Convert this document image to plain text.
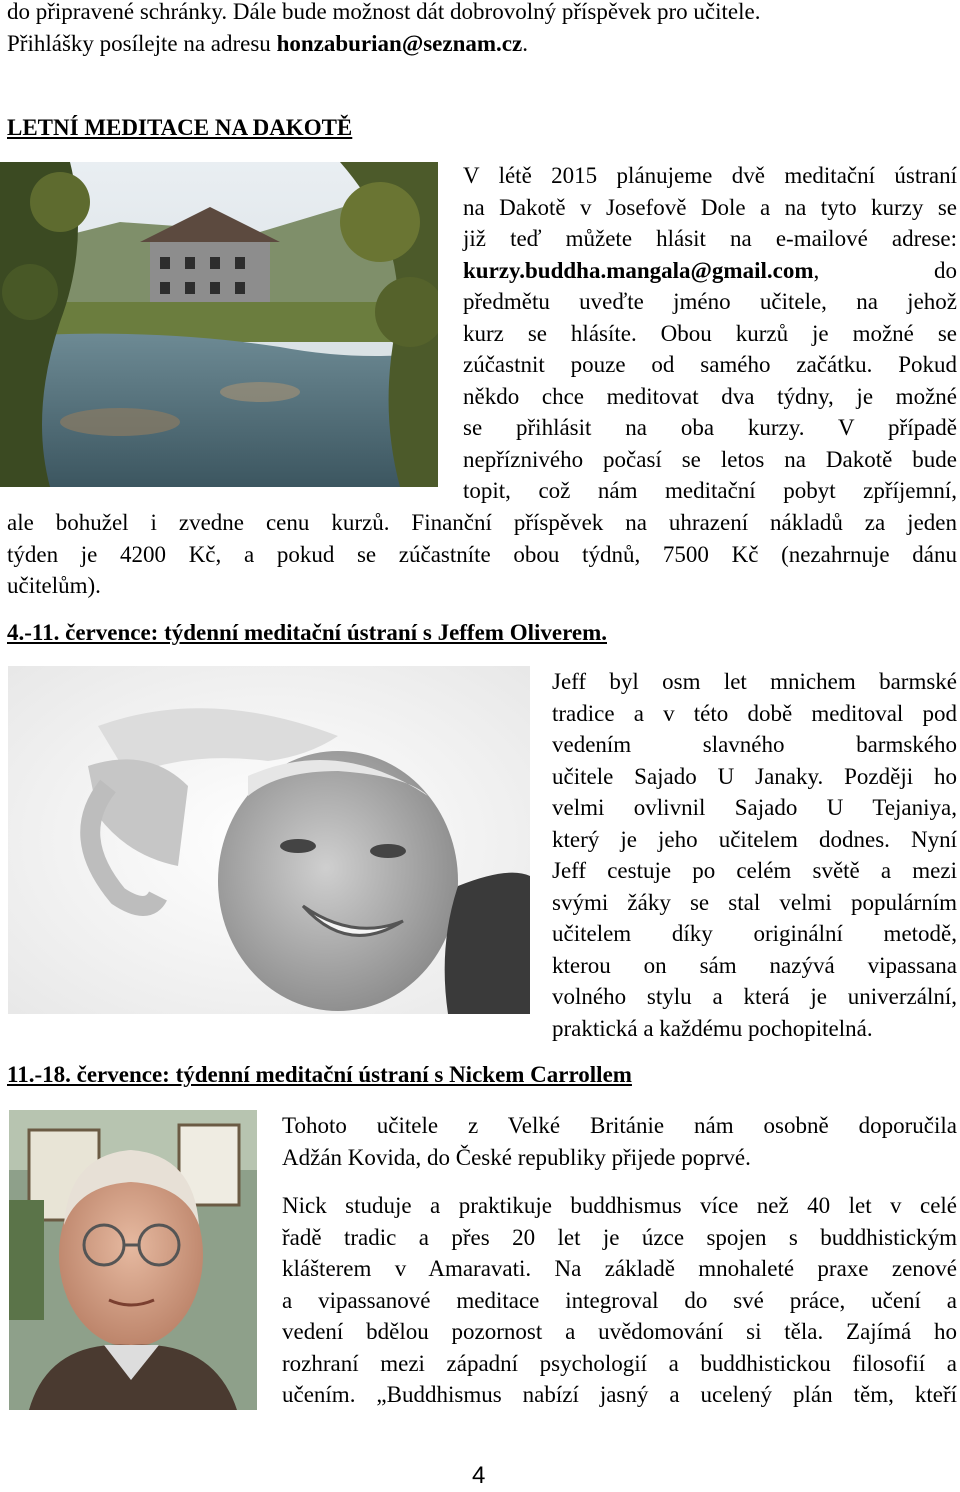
do připravené schránky. Dále bude možnost dát dobrovolný příspěvek pro učitele.
Přihlášky posílejte na adresu honzaburian@seznam.cz.
LETNÍ MEDITACE NA DAKOTĚ
V létě 2015 plánujeme dvě meditační ústraní
na Dakotě v Josefově Dole a na tyto kurzy se
již teď můžete hlásit na e-mailové adrese:
kurzy.buddha.mangala@gmail.com,	do
předmětu uveďte jméno učitele, na jehož
kurz se hlásíte. Obou kurzů je možné se
zúčastnit pouze od samého začátku. Pokud
někdo chce meditovat dva týdny, je možné
se přihlásit na oba kurzy. V případě
nepříznivého počasí se letos na Dakotě bude
topit, což nám meditační pobyt zpříjemní,
ale bohužel i zvedne cenu kurzů. Finanční příspěvek na uhrazení nákladů za jeden
týden je 4200 Kč, a pokud se zúčastníte obou týdnů, 7500 Kč (nezahrnuje dánu
učitelům).
4.-11. července: týdenní meditační ústraní s Jeffem Oliverem.
Jeff byl osm let mnichem barmské
tradice a v této době meditoval pod
vedením slavného barmského
učitele Sajado U Janaky. Později ho
velmi ovlivnil Sajado U Tejaniya,
který je jeho učitelem dodnes. Nyní
Jeff cestuje po celém světě a mezi
svými žáky se stal velmi populárním
učitelem díky originální metodě,
kterou on sám nazývá vipassana
volného stylu a která je univerzální,
praktická a každému pochopitelná.
11.-18. července: týdenní meditační ústraní s Nickem Carrollem
Tohoto učitele z Velké Británie nám osobně doporučila
Adžán Kovida, do České republiky přijede poprvé.
Nick studuje a praktikuje buddhismus více než 40 let v celé
řadě tradic a přes 20 let je úzce spojen s buddhistickým
klášterem v Amaravati. Na základě mnohaleté praxe zenové
a vipassanové meditace integroval do své práce, učení a
vedení bdělou pozornost a uvědomování si těla. Zajímá ho
rozhraní mezi západní psychologií a buddhistickou filosofií a
učením. „Buddhismus nabízí jasný a ucelený plán těm, kteří
4
